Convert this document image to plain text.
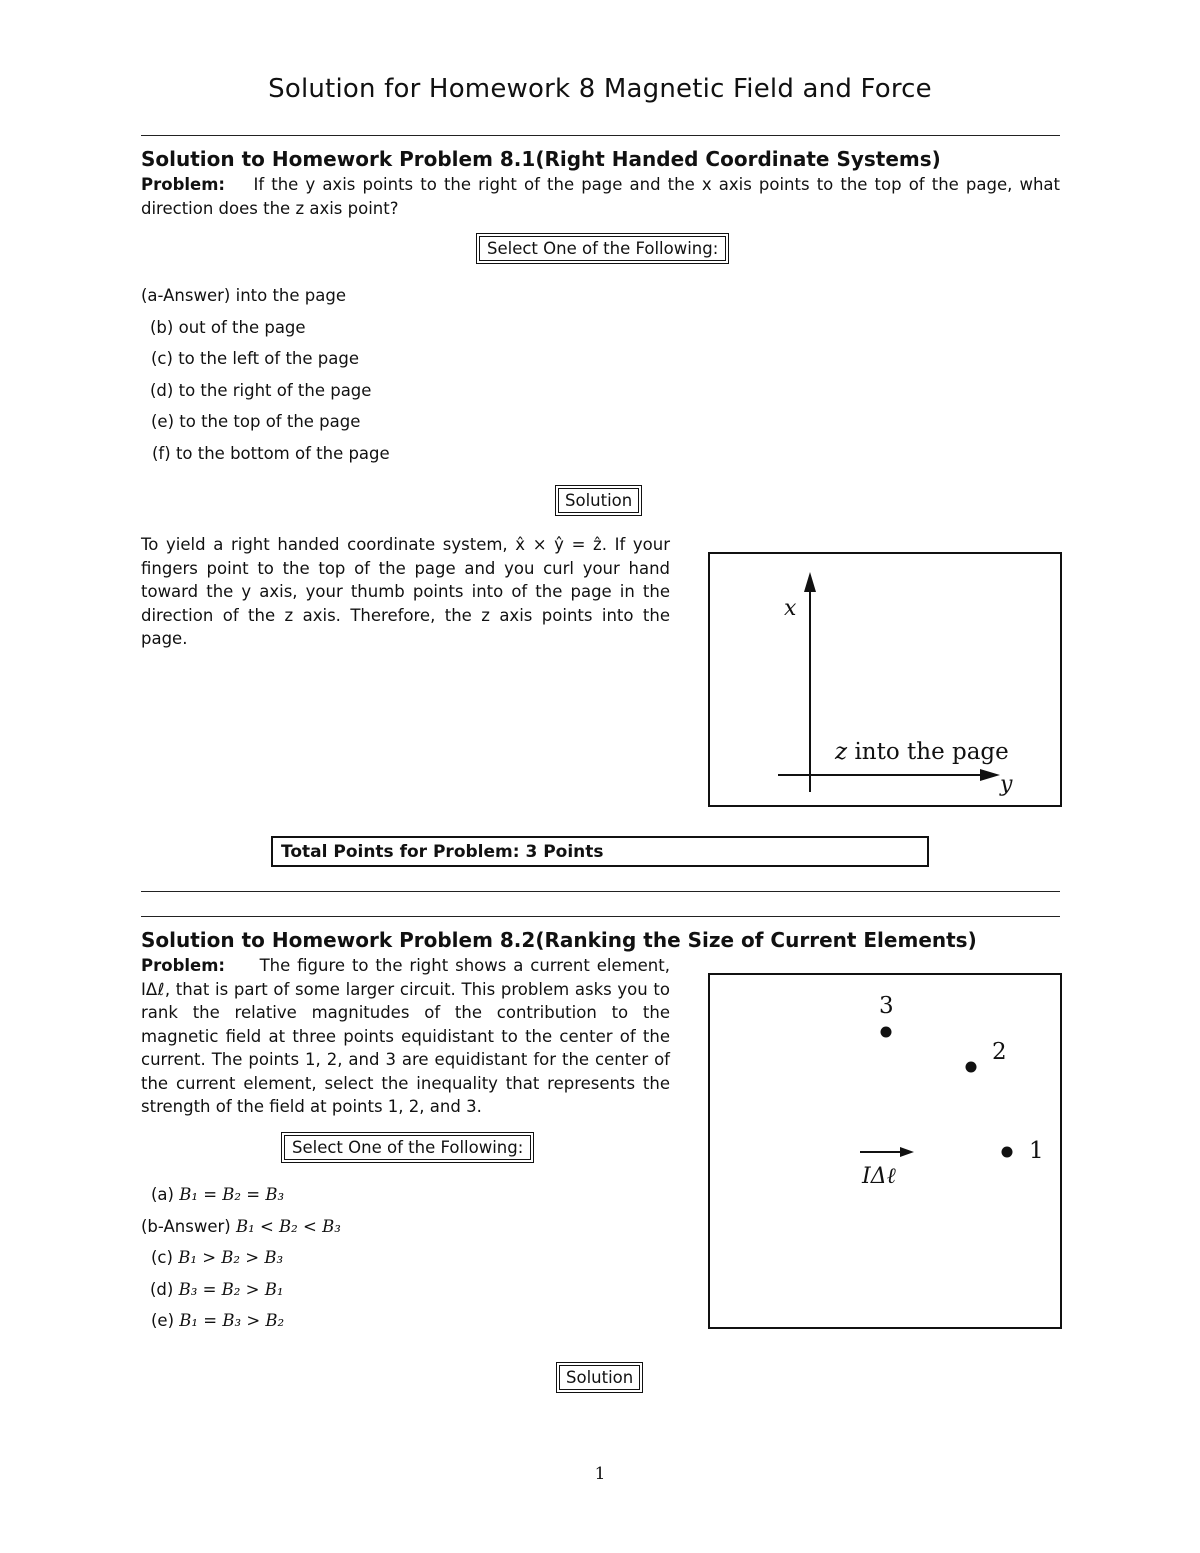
Solution for Homework 8 Magnetic Field and Force
Solution to Homework Problem 8.1(Right Handed Coordinate Systems)
Problem: If the y axis points to the right of the page and the x axis points to the top of the page, what direction does the z axis point?
Select One of the Following:
(a-Answer) into the page
(b) out of the page
(c) to the left of the page
(d) to the right of the page
(e) to the top of the page
(f) to the bottom of the page
Solution
To yield a right handed coordinate system, x̂ × ŷ = ẑ. If your fingers point to the top of the page and you curl your hand toward the y axis, your thumb points into of the page in the direction of the z axis. Therefore, the z axis points into the page.
x
y
z into the page
Total Points for Problem: 3 Points
Solution to Homework Problem 8.2(Ranking the Size of Current Elements)
Problem: The figure to the right shows a current element, IΔℓ, that is part of some larger circuit. This problem asks you to rank the relative magnitudes of the contribution to the magnetic field at three points equidistant to the center of the current. The points 1, 2, and 3 are equidistant for the center of the current element, select the inequality that represents the strength of the field at points 1, 2, and 3.
Select One of the Following:
(a) B₁ = B₂ = B₃
(b-Answer) B₁ < B₂ < B₃
(c) B₁ > B₂ > B₃
(d) B₃ = B₂ > B₁
(e) B₁ = B₃ > B₂
3
2
1
IΔℓ
Solution
1
